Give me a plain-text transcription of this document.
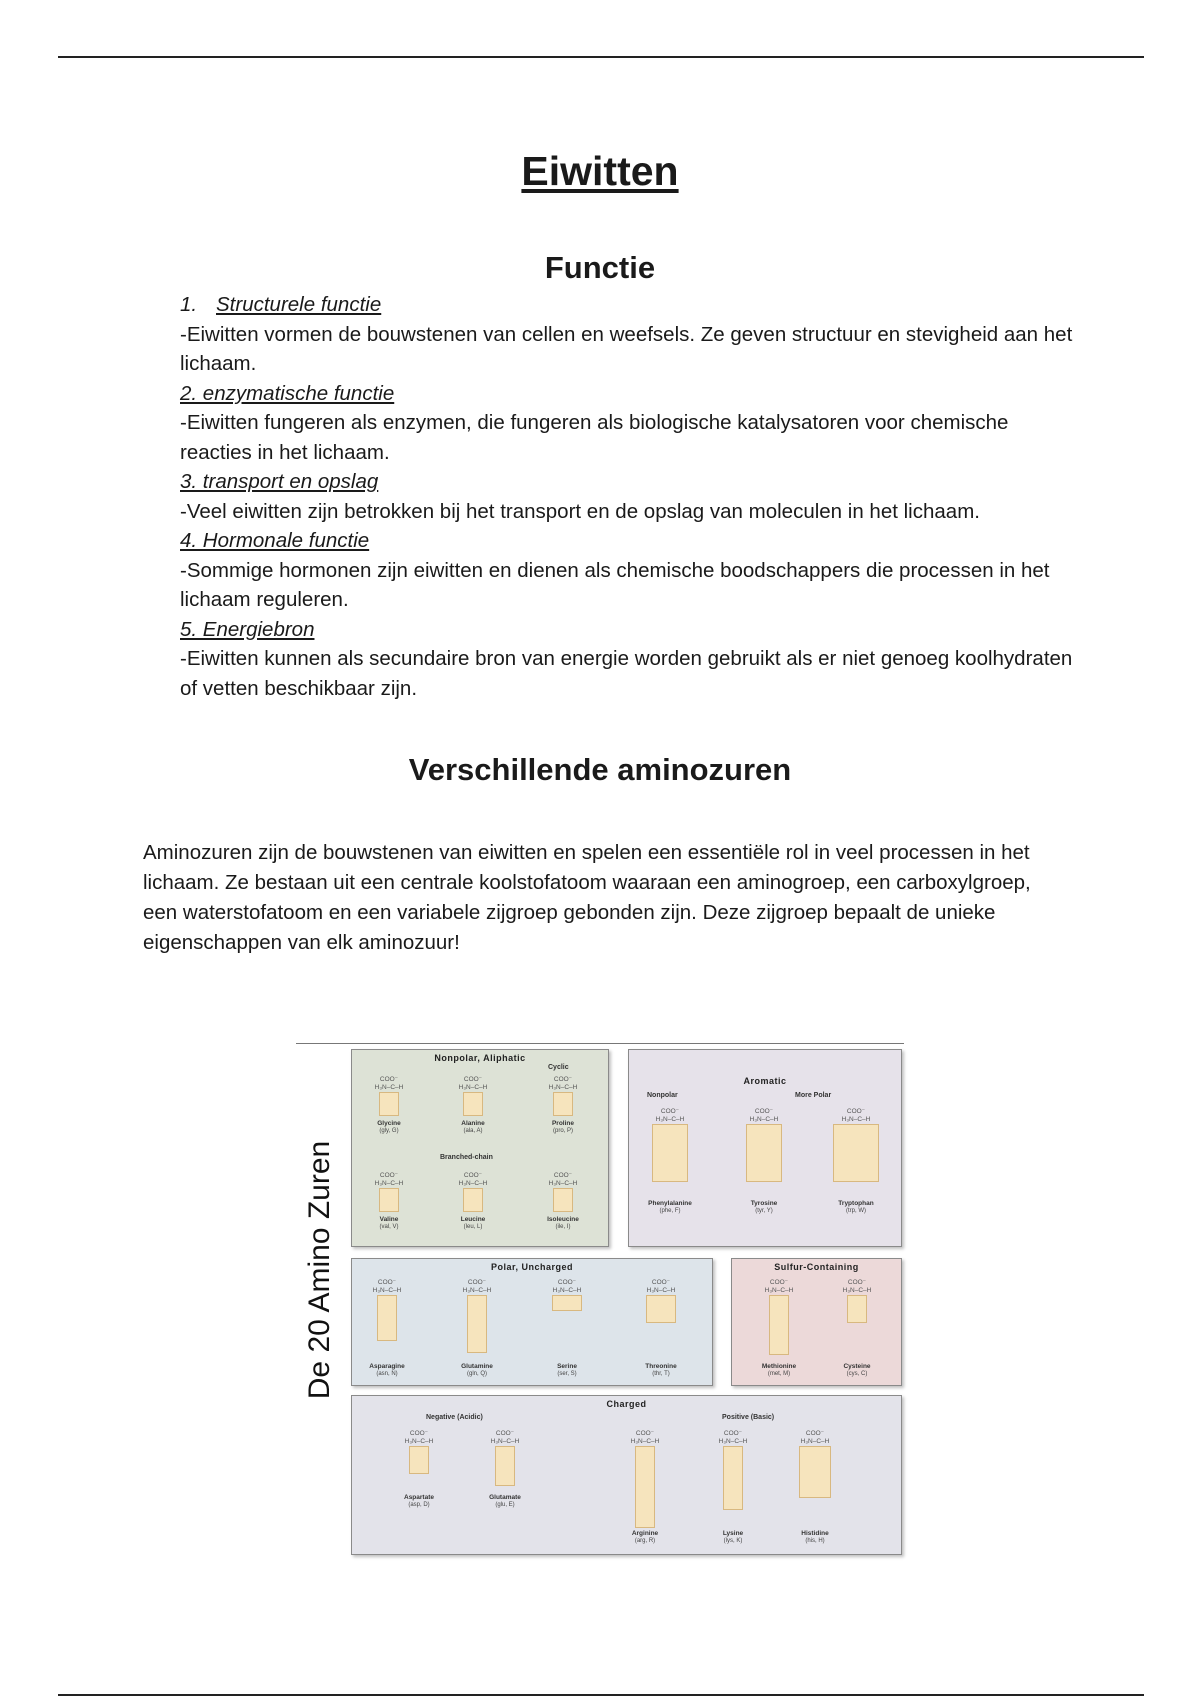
Eiwitten
Functie
1. Structurele functie
-Eiwitten vormen de bouwstenen van cellen en weefsels. Ze geven structuur en stevigheid aan het lichaam.
2. enzymatische functie
-Eiwitten fungeren als enzymen, die fungeren als biologische katalysatoren voor chemische reacties in het lichaam.
3. transport en opslag
-Veel eiwitten zijn betrokken bij het transport en de opslag van moleculen in het lichaam.
4. Hormonale functie
-Sommige hormonen zijn eiwitten en dienen als chemische boodschappers die processen in het lichaam reguleren.
5. Energiebron
-Eiwitten kunnen als secundaire bron van energie worden gebruikt als er niet genoeg koolhydraten of vetten beschikbaar zijn.
Verschillende aminozuren
Aminozuren zijn de bouwstenen van eiwitten en spelen een essentiële rol in veel processen in het lichaam. Ze bestaan uit een centrale koolstofatoom waaraan een aminogroep, een carboxylgroep, een waterstofatoom en een variabele zijgroep gebonden zijn. Deze zijgroep bepaalt de unieke eigenschappen van elk aminozuur!
De 20 Amino Zuren
Nonpolar, Aliphatic
Cyclic
Branched-chain
COO⁻
H₃N–C–H
Glycine
(gly, G)
COO⁻
H₃N–C–H
Alanine
(ala, A)
COO⁻
H₃N–C–H
Proline
(pro, P)
COO⁻
H₃N–C–H
Valine
(val, V)
COO⁻
H₃N–C–H
Leucine
(leu, L)
COO⁻
H₃N–C–H
Isoleucine
(ile, I)
Aromatic
Nonpolar	More Polar
COO⁻
H₃N–C–H
Phenylalanine
(phe, F)
COO⁻
H₃N–C–H
Tyrosine
(tyr, Y)
COO⁻
H₃N–C–H
Tryptophan
(trp, W)
Polar, Uncharged
COO⁻
H₃N–C–H
Asparagine
(asn, N)
COO⁻
H₃N–C–H
Glutamine
(gln, Q)
COO⁻
H₃N–C–H
Serine
(ser, S)
COO⁻
H₃N–C–H
Threonine
(thr, T)
Sulfur-Containing
COO⁻
H₃N–C–H
Methionine
(met, M)
COO⁻
H₃N–C–H
Cysteine
(cys, C)
Charged
Negative (Acidic)	Positive (Basic)
COO⁻
H₃N–C–H
Aspartate
(asp, D)
COO⁻
H₃N–C–H
Glutamate
(glu, E)
COO⁻
H₃N–C–H
Arginine
(arg, R)
COO⁻
H₃N–C–H
Lysine
(lys, K)
COO⁻
H₃N–C–H
Histidine
(his, H)
